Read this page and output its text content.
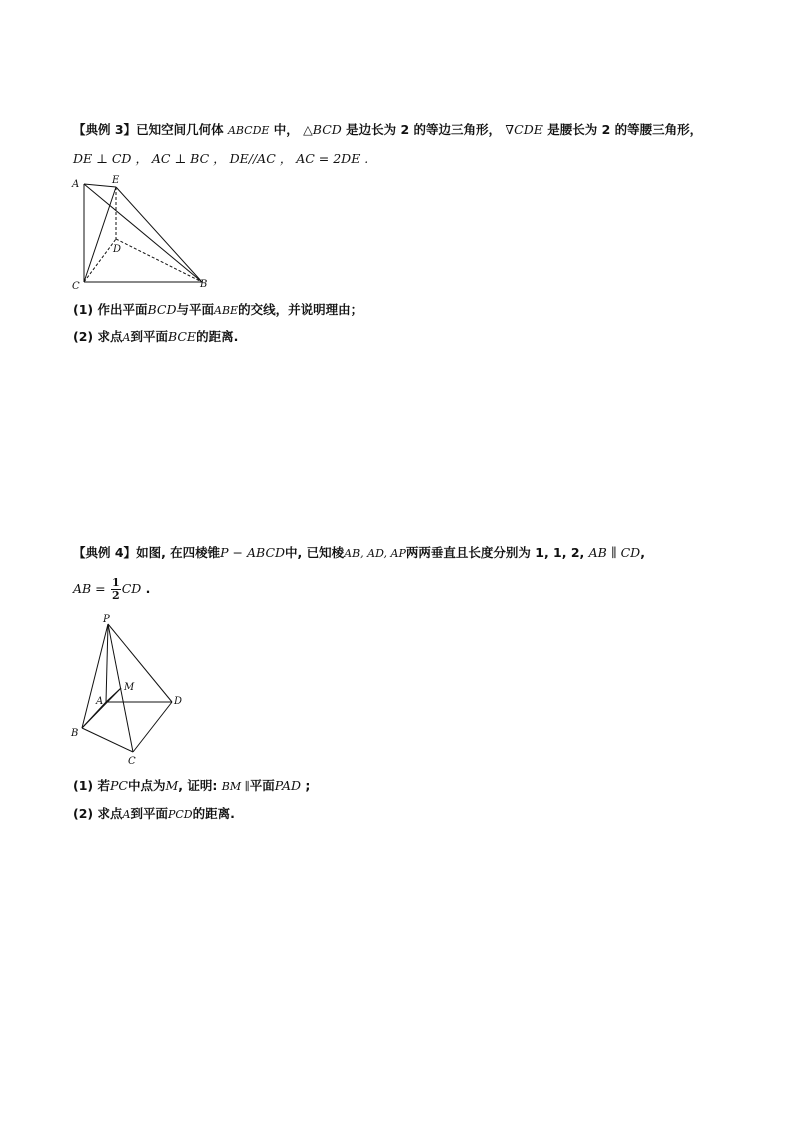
【典例 3】已知空间几何体 ABCDE 中， △BCD 是边长为 2 的等边三角形， ∇CDE 是腰长为 2 的等腰三角形，
DE ⊥ CD ， AC ⊥ BC ， DE//AC ， AC = 2DE .
A	E
D
C	B
(1) 作出平面BCD与平面ABE的交线，并说明理由；
(2) 求点A到平面BCE的距离.
【典例 4】如图, 在四棱锥P − ABCD中, 已知棱AB, AD, AP两两垂直且长度分别为 1, 1, 2, AB ∥ CD,
AB = $\frac{1}{2}$ CD .
P
M
A	D
B
C
(1) 若PC中点为M, 证明: BM ∥平面PAD ;
(2) 求点A到平面PCD的距离.
